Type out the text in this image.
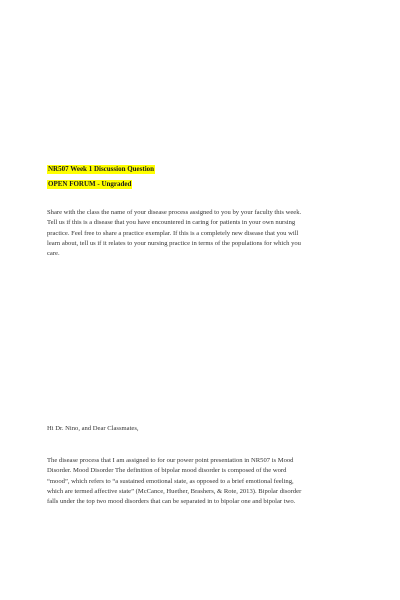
NR507 Week 1 Discussion Question
OPEN FORUM - Ungraded

Share with the class the name of your disease process assigned to you by your faculty this week.
Tell us if this is a disease that you have encountered in caring for patients in your own nursing
practice. Feel free to share a practice exemplar. If this is a completely new disease that you will
learn about, tell us if it relates to your nursing practice in terms of the populations for which you
care.

Hi Dr. Nino, and Dear Classmates,

The disease process that I am assigned to for our power point presentation in NR507 is Mood
Disorder. Mood Disorder The definition of bipolar mood disorder is composed of the word
“mood”, which refers to “a sustained emotional state, as opposed to a brief emotional feeling,
which are termed affective state” (McCance, Huether, Brashers, & Rote, 2013). Bipolar disorder
falls under the top two mood disorders that can be separated in to bipolar one and bipolar two.
